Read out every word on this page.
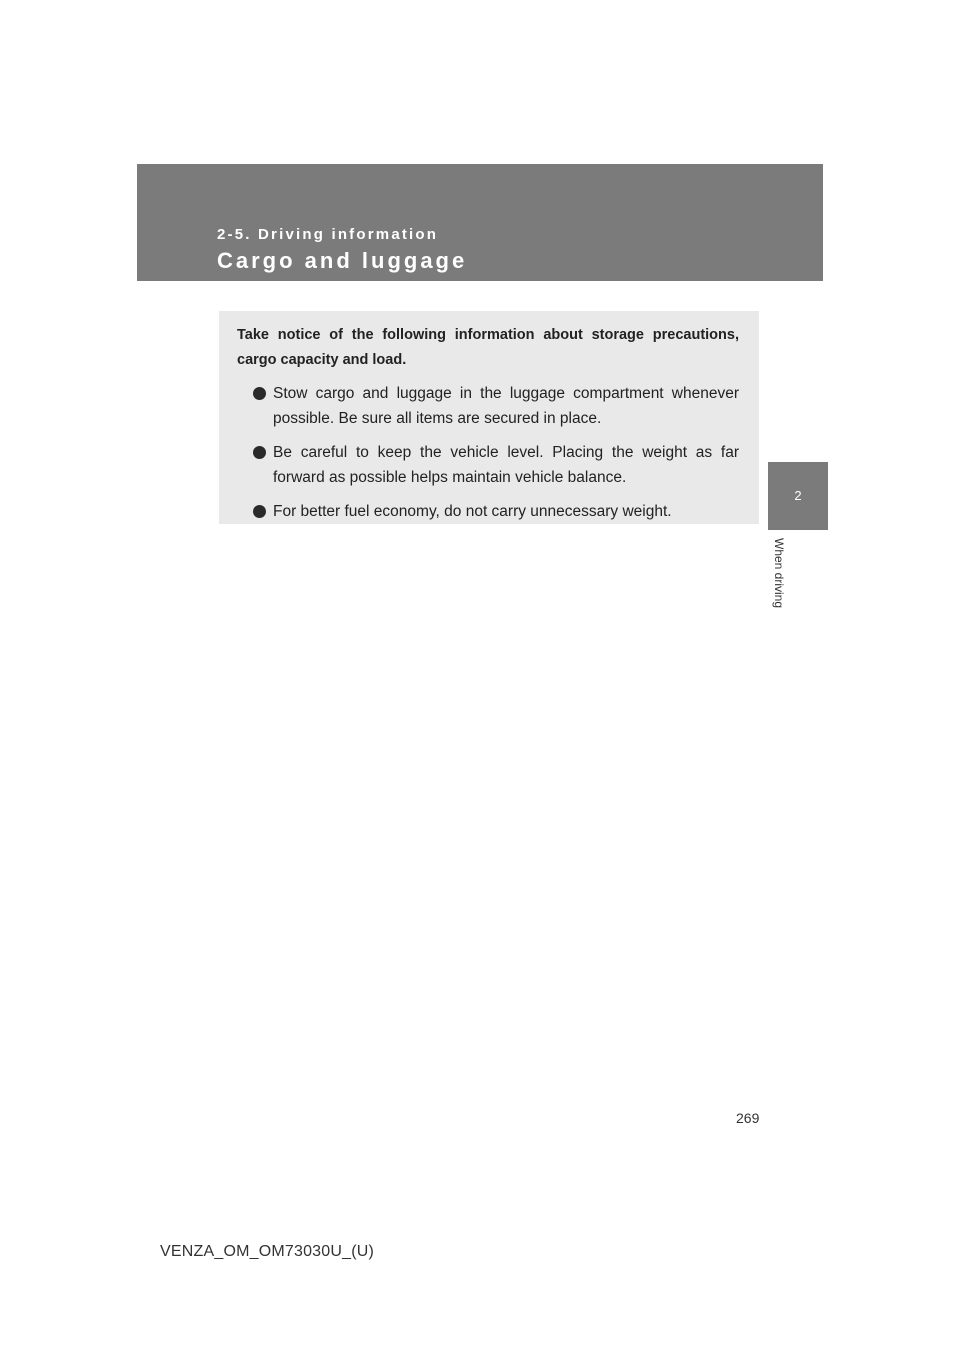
2-5. Driving information
Cargo and luggage
2
When driving

Take notice of the following information about storage precautions, cargo capacity and load.

Stow cargo and luggage in the luggage compartment whenever possible. Be sure all items are secured in place.
Be careful to keep the vehicle level. Placing the weight as far forward as possible helps maintain vehicle balance.
For better fuel economy, do not carry unnecessary weight.
269
VENZA_OM_OM73030U_(U)
